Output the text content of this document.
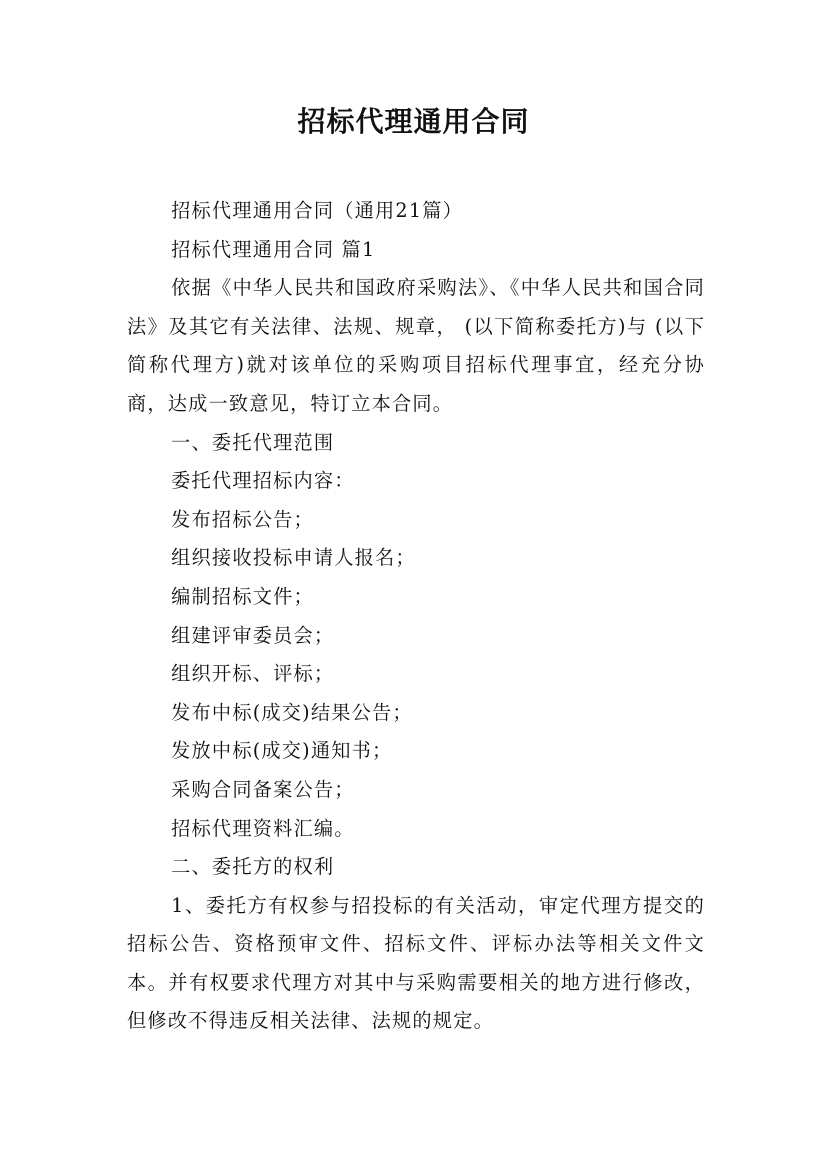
招标代理通用合同

招标代理通用合同（通用21篇）

招标代理通用合同 篇1

依据《中华人民共和国政府采购法》、《中华人民共和国合同法》及其它有关法律、法规、规章， (以下简称委托方)与 (以下简称代理方)就对该单位的采购项目招标代理事宜，经充分协商，达成一致意见，特订立本合同。

一、委托代理范围

委托代理招标内容：

发布招标公告；

组织接收投标申请人报名；

编制招标文件；

组建评审委员会；

组织开标、评标；

发布中标(成交)结果公告；

发放中标(成交)通知书；

采购合同备案公告；

招标代理资料汇编。

二、委托方的权利

1、委托方有权参与招投标的有关活动，审定代理方提交的招标公告、资格预审文件、招标文件、评标办法等相关文件文本。并有权要求代理方对其中与采购需要相关的地方进行修改，但修改不得违反相关法律、法规的规定。
